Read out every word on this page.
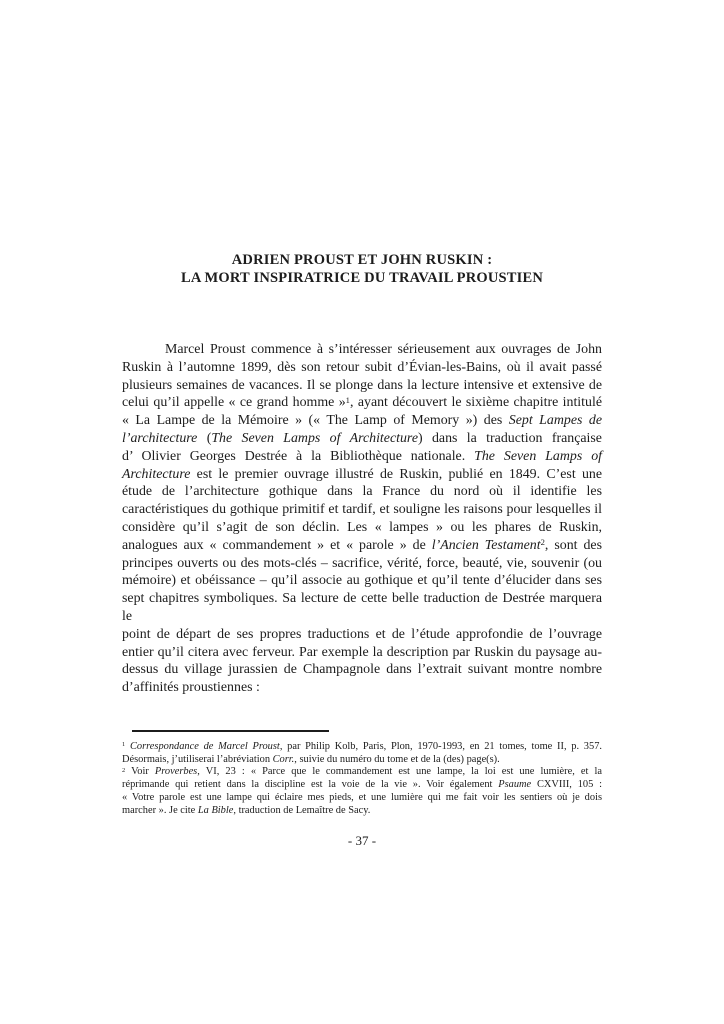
ADRIEN PROUST ET JOHN RUSKIN :
LA MORT INSPIRATRICE DU TRAVAIL PROUSTIEN
Marcel Proust commence à s’intéresser sérieusement aux ouvrages de John
Ruskin à l’automne 1899, dès son retour subit d’Évian-les-Bains, où il avait passé
plusieurs semaines de vacances. Il se plonge dans la lecture intensive et extensive de
celui qu’il appelle « ce grand homme »$^1$, ayant découvert le sixième chapitre intitulé
« La Lampe de la Mémoire » (« The Lamp of Memory ») des Sept Lampes de
l’architecture (The Seven Lamps of Architecture) dans la traduction française
d’ Olivier Georges Destrée à la Bibliothèque nationale. The Seven Lamps of
Architecture est le premier ouvrage illustré de Ruskin, publié en 1849. C’est une
étude de l’architecture gothique dans la France du nord où il identifie les
caractéristiques du gothique primitif et tardif, et souligne les raisons pour lesquelles il
considère qu’il s’agit de son déclin. Les « lampes » ou les phares de Ruskin,
analogues aux « commandement » et « parole » de l’Ancien Testament$^2$, sont des
principes ouverts ou des mots-clés – sacrifice, vérité, force, beauté, vie, souvenir (ou
mémoire) et obéissance – qu’il associe au gothique et qu’il tente d’élucider dans ses
sept chapitres symboliques. Sa lecture de cette belle traduction de Destrée marquera le
point de départ de ses propres traductions et de l’étude approfondie de l’ouvrage
entier qu’il citera avec ferveur. Par exemple la description par Ruskin du paysage au-
dessus du village jurassien de Champagnole dans l’extrait suivant montre nombre
d’affinités proustiennes :
$^1$ Correspondance de Marcel Proust, par Philip Kolb, Paris, Plon, 1970-1993, en 21 tomes, tome II, p. 357.
Désormais, j’utiliserai l’abréviation Corr., suivie du numéro du tome et de la (des) page(s).
$^2$ Voir Proverbes, VI, 23 : « Parce que le commandement est une lampe, la loi est une lumière, et la
réprimande qui retient dans la discipline est la voie de la vie ». Voir également Psaume CXVIII, 105 :
« Votre parole est une lampe qui éclaire mes pieds, et une lumière qui me fait voir les sentiers où je dois
marcher ». Je cite La Bible, traduction de Lemaître de Sacy.
- 37 -
